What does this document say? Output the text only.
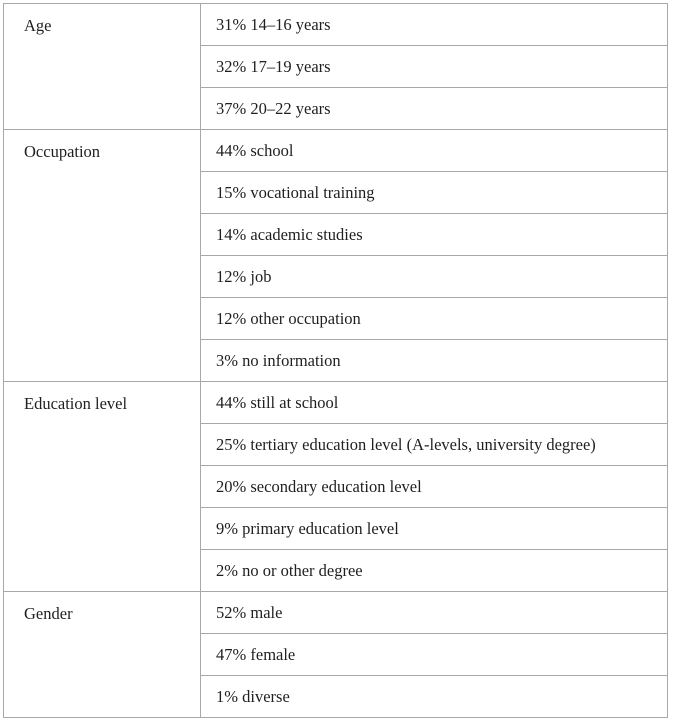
Age	31% 14–16 years

	32% 17–19 years

	37% 20–22 years

Occupation	44% school

	15% vocational training

	14% academic studies

	12% job

	12% other occupation

	3% no information

Education level	44% still at school

	25% tertiary education level (A-levels, university degree)

	20% secondary education level

	9% primary education level

	2% no or other degree

Gender	52% male

	47% female

	1% diverse
